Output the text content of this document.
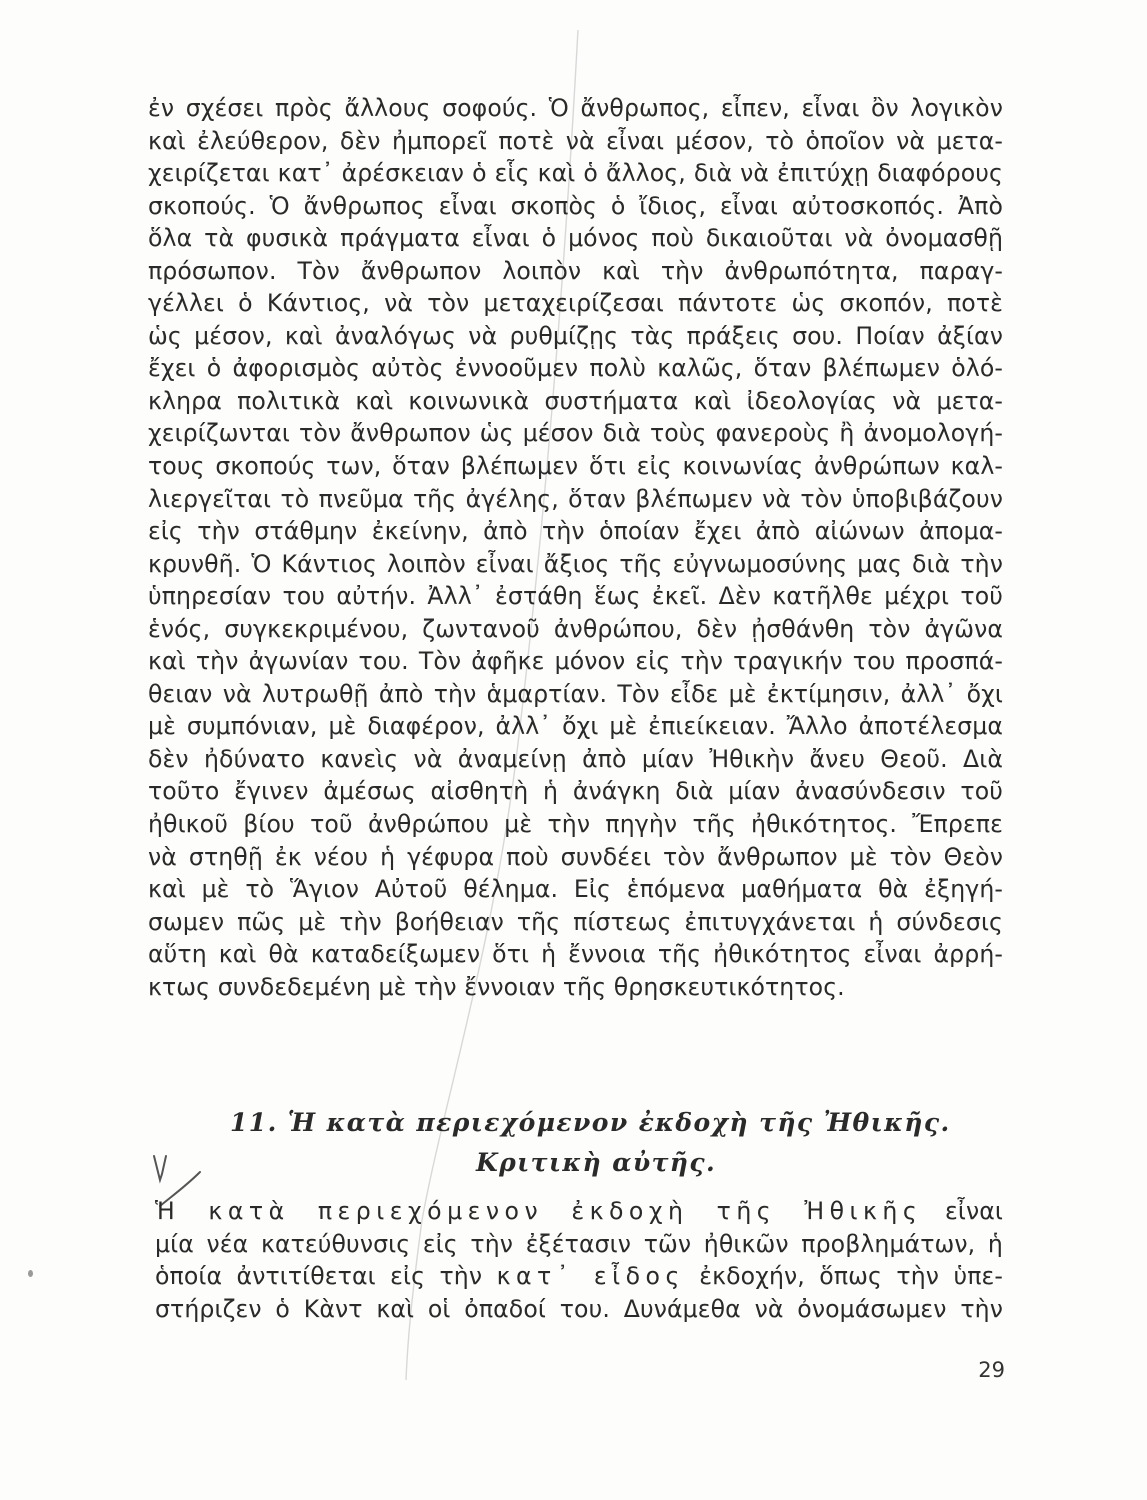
ἐν σχέσει πρὸς ἄλλους σοφούς. Ὁ ἄνθρωπος, εἶπεν, εἶναι ὂν λογικὸν
καὶ ἐλεύθερον, δὲν ἠμπορεῖ ποτὲ νὰ εἶναι μέσον, τὸ ὁποῖον νὰ μετα-
χειρίζεται κατ᾽ ἀρέσκειαν ὁ εἷς καὶ ὁ ἄλλος, διὰ νὰ ἐπιτύχῃ διαφόρους
σκοπούς. Ὁ ἄνθρωπος εἶναι σκοπὸς ὁ ἴδιος, εἶναι αὐτοσκοπός. Ἀπὸ
ὅλα τὰ φυσικὰ πράγματα εἶναι ὁ μόνος ποὺ δικαιοῦται νὰ ὀνομασθῇ
πρόσωπον. Τὸν ἄνθρωπον λοιπὸν καὶ τὴν ἀνθρωπότητα, παραγ-
γέλλει ὁ Κάντιος, νὰ τὸν μεταχειρίζεσαι πάντοτε ὡς σκοπόν, ποτὲ
ὡς μέσον, καὶ ἀναλόγως νὰ ρυθμίζῃς τὰς πράξεις σου. Ποίαν ἀξίαν
ἔχει ὁ ἀφορισμὸς αὐτὸς ἐννοοῦμεν πολὺ καλῶς, ὅταν βλέπωμεν ὁλό-
κληρα πολιτικὰ καὶ κοινωνικὰ συστήματα καὶ ἰδεολογίας νὰ μετα-
χειρίζωνται τὸν ἄνθρωπον ὡς μέσον διὰ τοὺς φανεροὺς ἢ ἀνομολογή-
τους σκοπούς των, ὅταν βλέπωμεν ὅτι εἰς κοινωνίας ἀνθρώπων καλ-
λιεργεῖται τὸ πνεῦμα τῆς ἀγέλης, ὅταν βλέπωμεν νὰ τὸν ὑποβιβάζουν
εἰς τὴν στάθμην ἐκείνην, ἀπὸ τὴν ὁποίαν ἔχει ἀπὸ αἰώνων ἀπομα-
κρυνθῆ. Ὁ Κάντιος λοιπὸν εἶναι ἄξιος τῆς εὐγνωμοσύνης μας διὰ τὴν
ὑπηρεσίαν του αὐτήν. Ἀλλ᾽ ἐστάθη ἕως ἐκεῖ. Δὲν κατῆλθε μέχρι τοῦ
ἑνός, συγκεκριμένου, ζωντανοῦ ἀνθρώπου, δὲν ᾐσθάνθη τὸν ἀγῶνα
καὶ τὴν ἀγωνίαν του. Τὸν ἀφῆκε μόνον εἰς τὴν τραγικήν του προσπά-
θειαν νὰ λυτρωθῇ ἀπὸ τὴν ἁμαρτίαν. Τὸν εἶδε μὲ ἐκτίμησιν, ἀλλ᾽ ὄχι
μὲ συμπόνιαν, μὲ διαφέρον, ἀλλ᾽ ὄχι μὲ ἐπιείκειαν. Ἄλλο ἀποτέλεσμα
δὲν ἠδύνατο κανεὶς νὰ ἀναμείνῃ ἀπὸ μίαν Ἠθικὴν ἄνευ Θεοῦ. Διὰ
τοῦτο ἔγινεν ἀμέσως αἰσθητὴ ἡ ἀνάγκη διὰ μίαν ἀνασύνδεσιν τοῦ
ἠθικοῦ βίου τοῦ ἀνθρώπου μὲ τὴν πηγὴν τῆς ἠθικότητος. Ἔπρεπε
νὰ στηθῇ ἐκ νέου ἡ γέφυρα ποὺ συνδέει τὸν ἄνθρωπον μὲ τὸν Θεὸν
καὶ μὲ τὸ Ἅγιον Αὐτοῦ θέλημα. Εἰς ἑπόμενα μαθήματα θὰ ἐξηγή-
σωμεν πῶς μὲ τὴν βοήθειαν τῆς πίστεως ἐπιτυγχάνεται ἡ σύνδεσις
αὕτη καὶ θὰ καταδείξωμεν ὅτι ἡ ἔννοια τῆς ἠθικότητος εἶναι ἀρρή-
κτως συνδεδεμένη μὲ τὴν ἔννοιαν τῆς θρησκευτικότητος.
11. Ἡ κατὰ περιεχόμενον ἐκδοχὴ τῆς Ἠθικῆς.
Κριτικὴ αὐτῆς.
Ἡ κατὰ περιεχόμενον ἐκδοχὴ τῆς Ἠθικῆς εἶναι
μία νέα κατεύθυνσις εἰς τὴν ἐξέτασιν τῶν ἠθικῶν προβλημάτων, ἡ
ὁποία ἀντιτίθεται εἰς τὴν κατ᾽ εἶδος ἐκδοχήν, ὅπως τὴν ὑπε-
στήριζεν ὁ Κὰντ καὶ οἱ ὀπαδοί του. Δυνάμεθα νὰ ὀνομάσωμεν τὴν
29
